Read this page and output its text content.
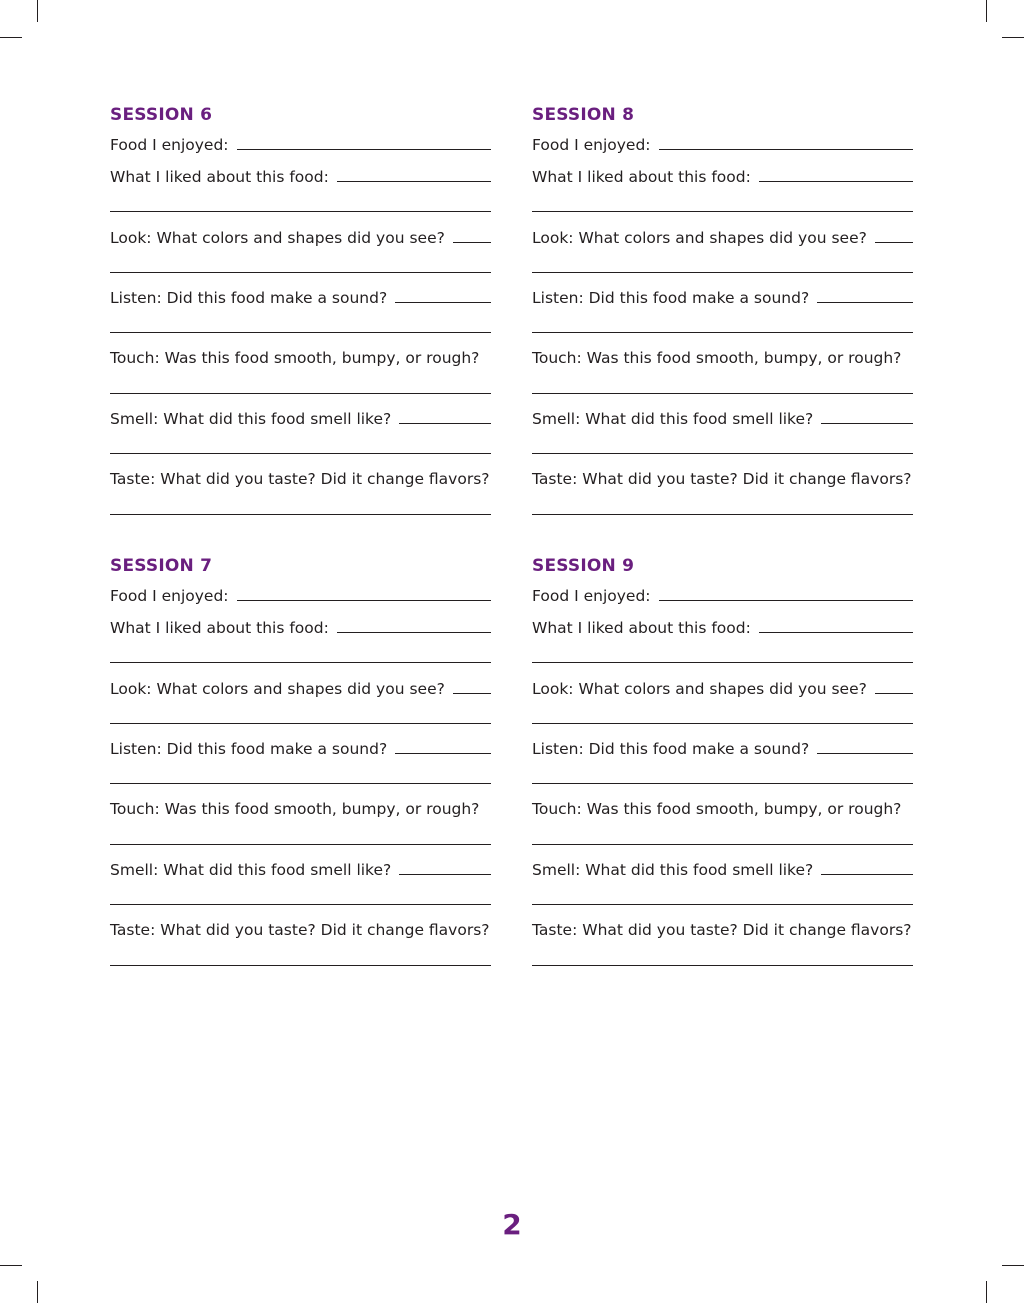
SESSION 6
Food I enjoyed:
What I liked about this food:
Look: What colors and shapes did you see?
Listen: Did this food make a sound?
Touch: Was this food smooth, bumpy, or rough?
Smell: What did this food smell like?
Taste: What did you taste? Did it change flavors?
SESSION 8
Food I enjoyed:
What I liked about this food:
Look: What colors and shapes did you see?
Listen: Did this food make a sound?
Touch: Was this food smooth, bumpy, or rough?
Smell: What did this food smell like?
Taste: What did you taste? Did it change flavors?
SESSION 7
Food I enjoyed:
What I liked about this food:
Look: What colors and shapes did you see?
Listen: Did this food make a sound?
Touch: Was this food smooth, bumpy, or rough?
Smell: What did this food smell like?
Taste: What did you taste? Did it change flavors?
SESSION 9
Food I enjoyed:
What I liked about this food:
Look: What colors and shapes did you see?
Listen: Did this food make a sound?
Touch: Was this food smooth, bumpy, or rough?
Smell: What did this food smell like?
Taste: What did you taste? Did it change flavors?
2
